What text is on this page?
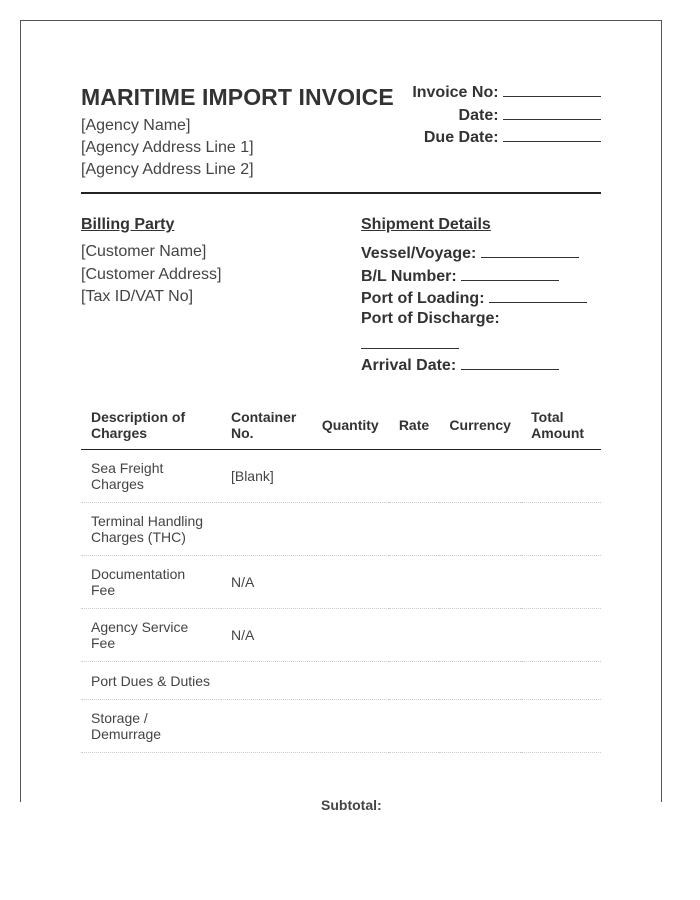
MARITIME IMPORT INVOICE
[Agency Name]
[Agency Address Line 1]
[Agency Address Line 2]
Invoice No:
Date:
Due Date:
Billing Party
[Customer Name]
[Customer Address]
[Tax ID/VAT No]
Shipment Details
Vessel/Voyage:
B/L Number:
Port of Loading:
Port of Discharge:
Arrival Date:
Description of Charges	Container No.	Quantity	Rate	Currency	Total Amount
Sea Freight Charges	[Blank]				
Terminal Handling Charges (THC)					
Documentation Fee	N/A				
Agency Service Fee	N/A				
Port Dues & Duties					
Storage / Demurrage					
Subtotal:
